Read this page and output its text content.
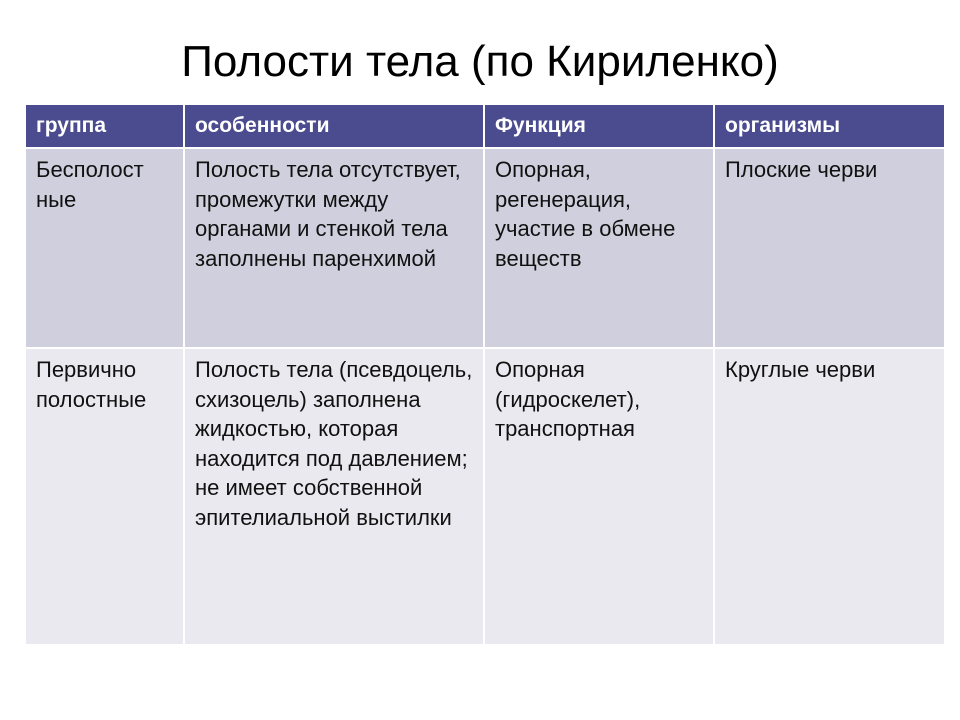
Полости тела (по Кириленко)
группа	особенности	Функция	организмы
Бесполост ные	Полость тела отсутствует, промежутки между органами и стенкой тела заполнены паренхимой	Опорная, регенерация, участие в обмене веществ	Плоские черви
Первично полостные	Полость тела (псевдоцель, схизоцель) заполнена жидкостью, которая находится под давлением; не имеет собственной эпителиальной выстилки	Опорная (гидроскелет), транспортная	Круглые черви
